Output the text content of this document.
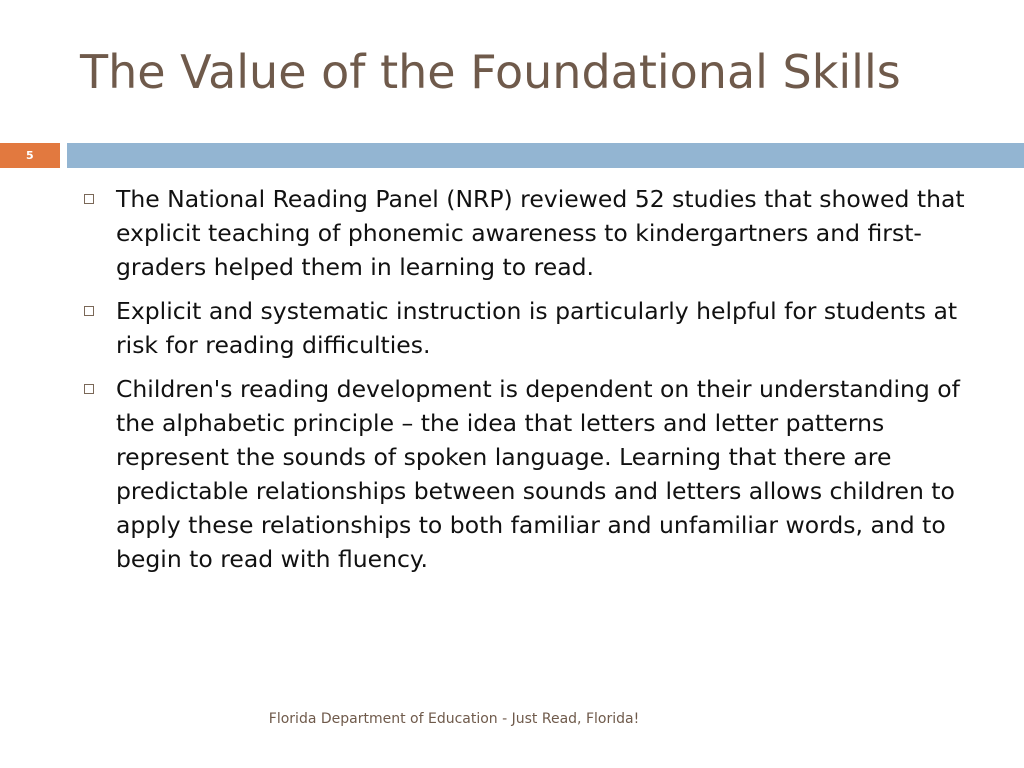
The Value of the Foundational Skills
5
The National Reading Panel (NRP) reviewed 52 studies that showed that explicit teaching of phonemic awareness to kindergartners and first-graders helped them in learning to read.
Explicit and systematic instruction is particularly helpful for students at risk for reading difficulties.
Children's reading development is dependent on their understanding of the alphabetic principle – the idea that letters and letter patterns represent the sounds of spoken language. Learning that there are predictable relationships between sounds and letters allows children to apply these relationships to both familiar and unfamiliar words, and to begin to read with fluency.
Florida Department of Education - Just Read, Florida!
